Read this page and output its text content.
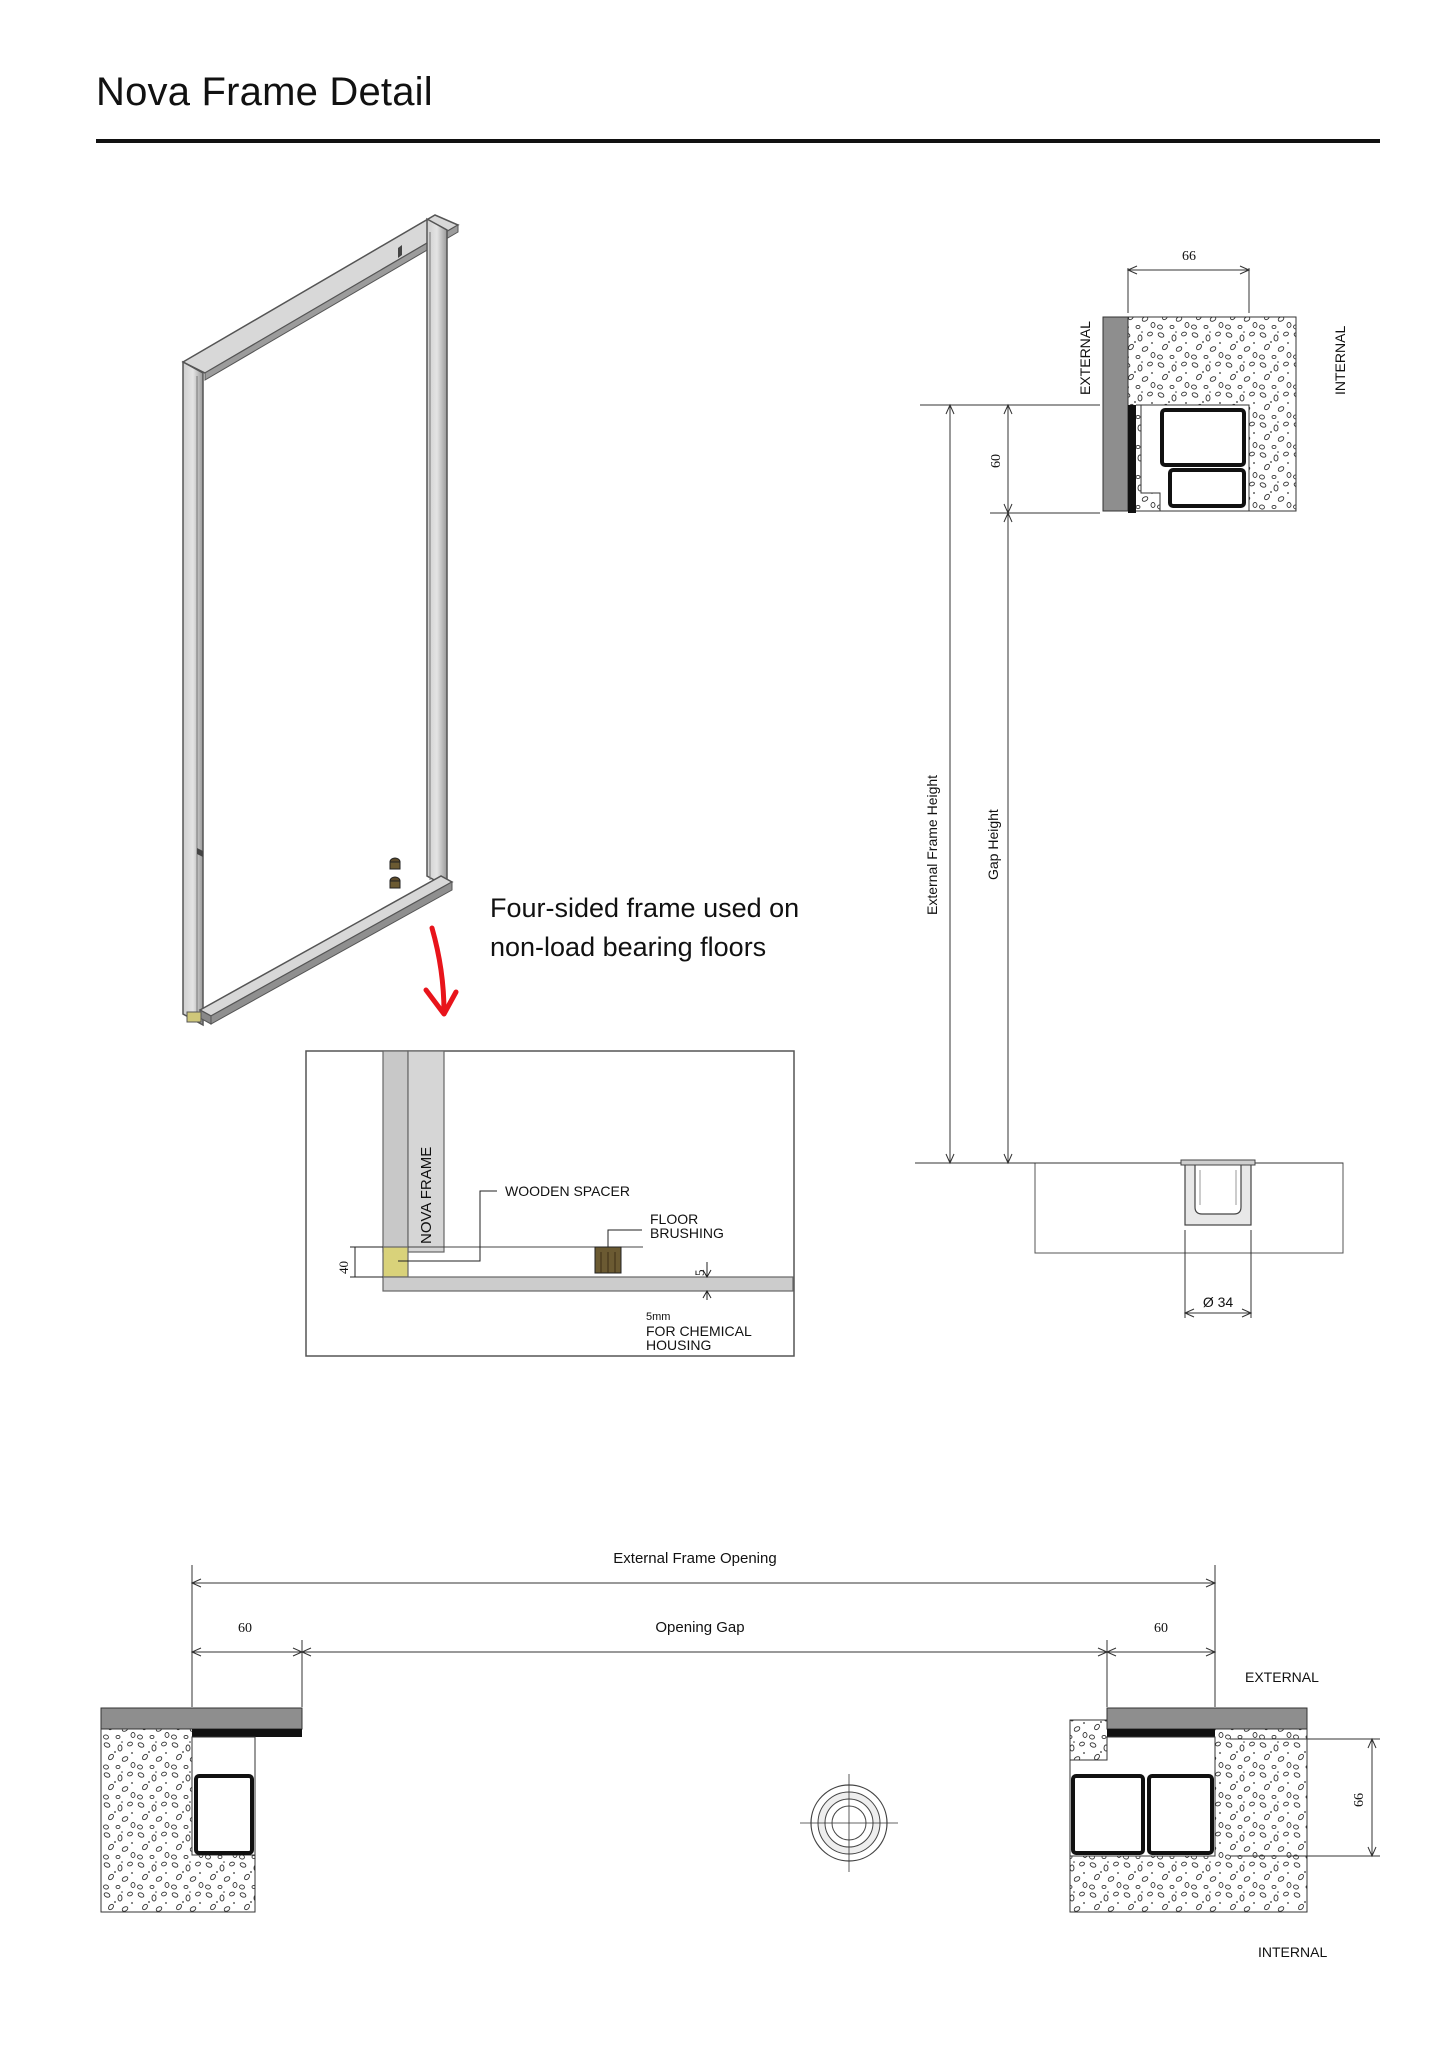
Nova Frame Detail
Four-sided frame used on
non-load bearing floors
NOVA FRAME	WOODEN SPACER
FLOOR
BRUSHING
40	5
5mm
FOR CHEMICAL
HOUSING
66
EXTERNAL	INTERNAL
60
External Frame Height	Gap Height
Ø 34
External Frame Opening
Opening Gap
60	60
EXTERNAL
INTERNAL
66
